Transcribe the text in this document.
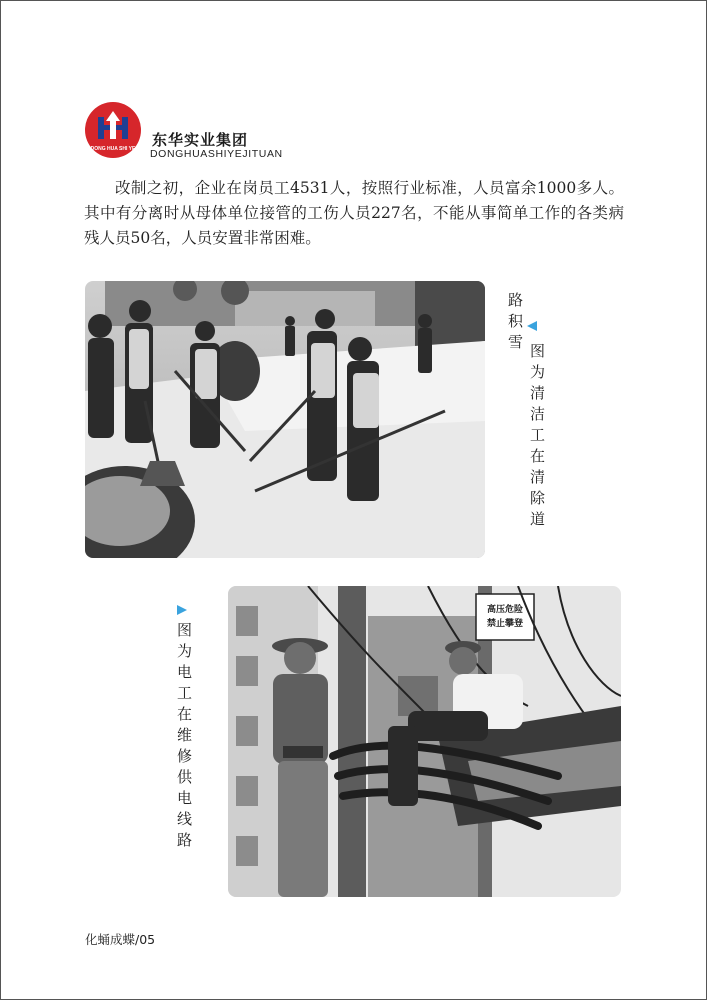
DONG HUA SHI YE 东华实业集团
DONGHUASHIYEJITUAN
改制之初，企业在岗员工4531人，按照行业标准，人员富余1000多人。其中有分离时从母体单位接管的工伤人员227名，不能从事简单工作的各类病残人员50名，人员安置非常困难。
图为清洁工在清除道
路积雪
高压危险
禁止攀登
图为电工在维修供电线路
化蛹成蝶/05
